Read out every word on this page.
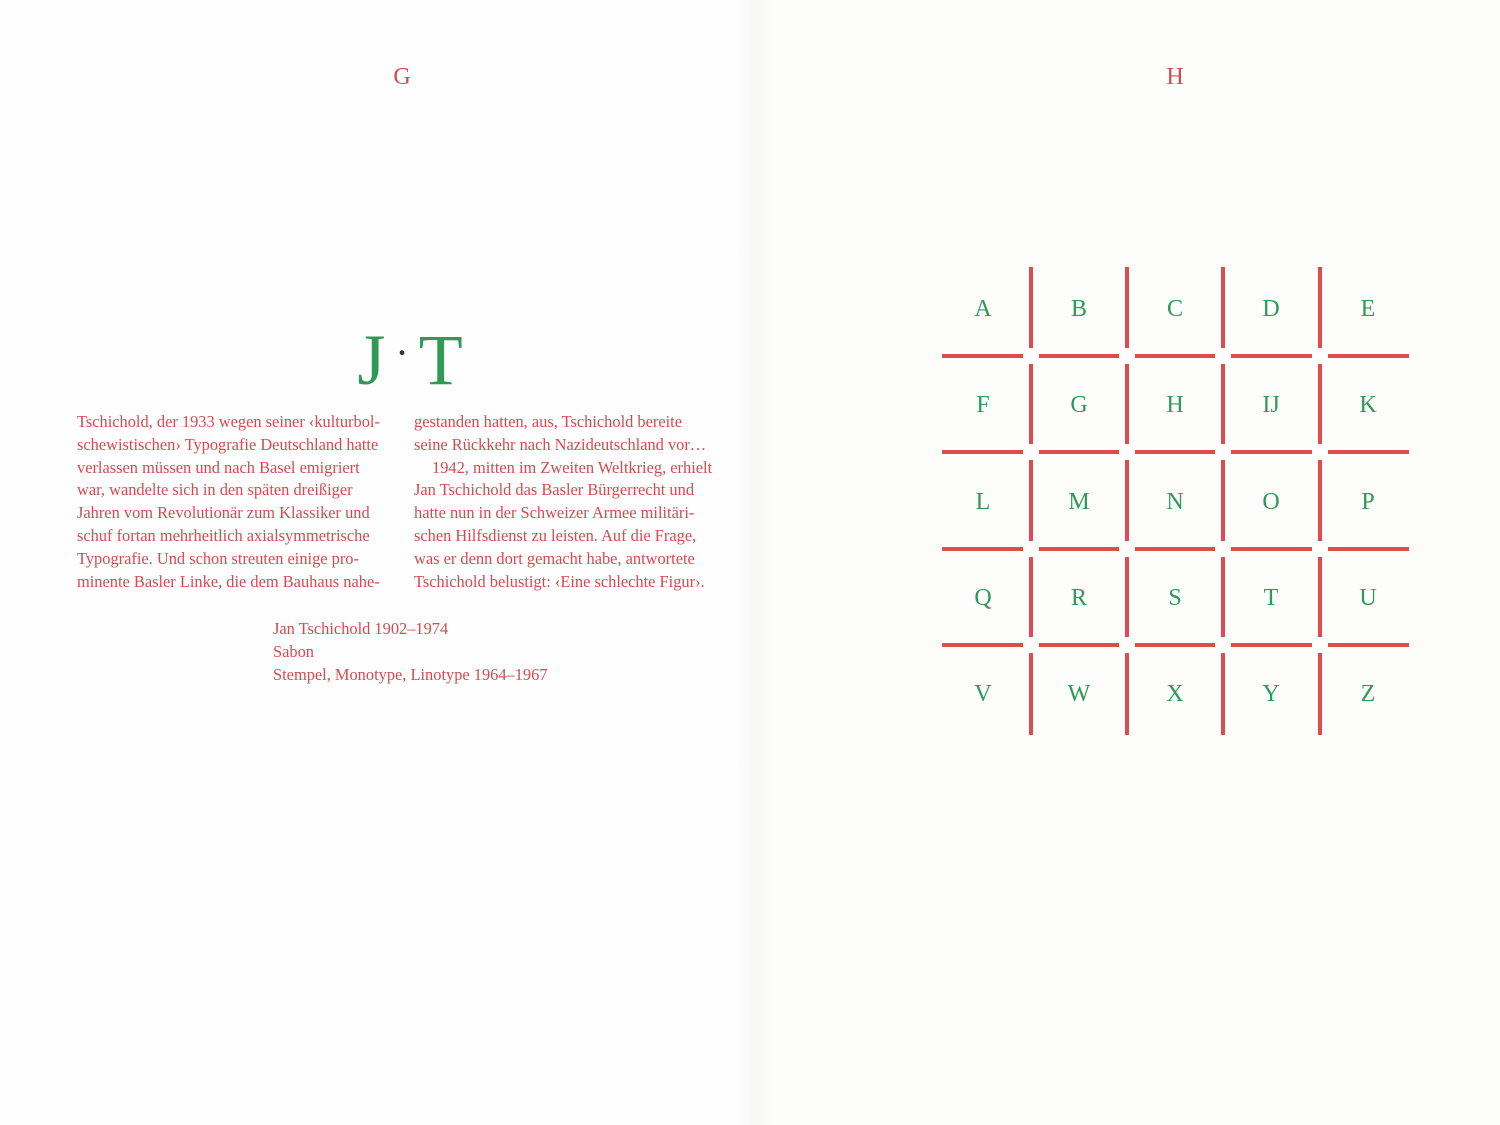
G
J · T
Tschichold, der 1933 wegen seiner ‹kulturbol-
schewistischen› Typografie Deutschland hatte
verlassen müssen und nach Basel emigriert
war, wandelte sich in den späten dreißiger
Jahren vom Revolutionär zum Klassiker und
schuf fortan mehrheitlich axialsymmetrische
Typografie. Und schon streuten einige pro-
minente Basler Linke, die dem Bauhaus nahe-
gestanden hatten, aus, Tschichold bereite
seine Rückkehr nach Nazideutschland vor…
1942, mitten im Zweiten Weltkrieg, erhielt
Jan Tschichold das Basler Bürgerrecht und
hatte nun in der Schweizer Armee militäri-
schen Hilfsdienst zu leisten. Auf die Frage,
was er denn dort gemacht habe, antwortete
Tschichold belustigt: ‹Eine schlechte Figur›.
Jan Tschichold 1902–1974
Sabon
Stempel, Monotype, Linotype 1964–1967
H
A	B	C	D	E
F	G	H	IJ	K
L	M	N	O	P
Q	R	S	T	U
V	W	X	Y	Z
